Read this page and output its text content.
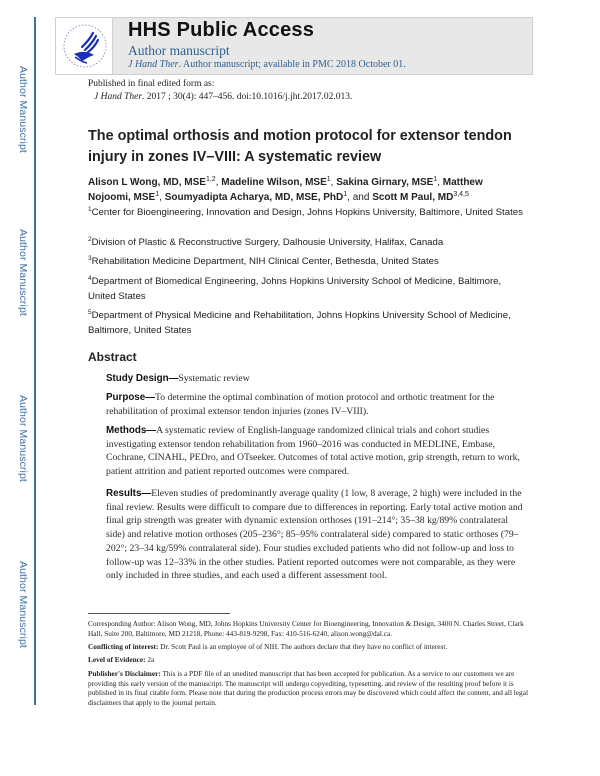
Author Manuscript
Author Manuscript
Author Manuscript
Author Manuscript
HHS Public Access
Author manuscript
J Hand Ther. Author manuscript; available in PMC 2018 October 01.
Published in final edited form as:
J Hand Ther. 2017 ; 30(4): 447–456. doi:10.1016/j.jht.2017.02.013.
The optimal orthosis and motion protocol for extensor tendon injury in zones IV–VIII: A systematic review
Alison L Wong, MD, MSE$^{1,2}$, Madeline Wilson, MSE$^1$, Sakina Girnary, MSE$^1$, Matthew Nojoomi, MSE$^1$, Soumyadipta Acharya, MD, MSE, PhD$^1$, and Scott M Paul, MD$^{3,4,5}$
$^1$Center for Bioengineering, Innovation and Design, Johns Hopkins University, Baltimore, United States
$^2$Division of Plastic & Reconstructive Surgery, Dalhousie University, Halifax, Canada
$^3$Rehabilitation Medicine Department, NIH Clinical Center, Bethesda, United States
$^4$Department of Biomedical Engineering, Johns Hopkins University School of Medicine, Baltimore, United States
$^5$Department of Physical Medicine and Rehabilitation, Johns Hopkins University School of Medicine, Baltimore, United States
Abstract
Study Design—Systematic review
Purpose—To determine the optimal combination of motion protocol and orthotic treatment for the rehabilitation of proximal extensor tendon injuries (zones IV–VIII).
Methods—A systematic review of English-language randomized clinical trials and cohort studies investigating extensor tendon rehabilitation from 1960–2016 was conducted in MEDLINE, Embase, Cochrane, CINAHL, PEDro, and OTseeker. Outcomes of total active motion, grip strength, return to work, patient attrition and patient reported outcomes were compared.
Results—Eleven studies of predominantly average quality (1 low, 8 average, 2 high) were included in the final review. Results were difficult to compare due to differences in reporting. Early total active motion and final grip strength was greater with dynamic extension orthoses (191–214°; 35–38 kg/89% contralateral side) and relative motion orthoses (205–236°; 85–95% contralateral side) compared to static orthoses (79–202°; 23–34 kg/59% contralateral side). Four studies excluded patients who did not follow-up and loss to follow-up was 12–33% in the other studies. Patient reported outcomes were not comparable, as they were only included in three studies, and each used a different assessment tool.
Corresponding Author: Alison Wong, MD, Johns Hopkins University Center for Bioengineering, Innovation & Design, 3400 N. Charles Street, Clark Hall, Suite 200, Baltimore, MD 21218, Phone: 443-819-9298, Fax: 410-516-6240, alison.wong@dal.ca.
Conflicting of interest: Dr. Scott Paul is an employee of of NIH. The authors declare that they have no conflict of interest.
Level of Evidence: 2a
Publisher's Disclaimer: This is a PDF file of an unedited manuscript that has been accepted for publication. As a service to our customers we are providing this early version of the manuscript. The manuscript will undergo copyediting, typesetting, and review of the resulting proof before it is published in its final citable form. Please note that during the production process errors may be discovered which could affect the content, and all legal disclaimers that apply to the journal pertain.
